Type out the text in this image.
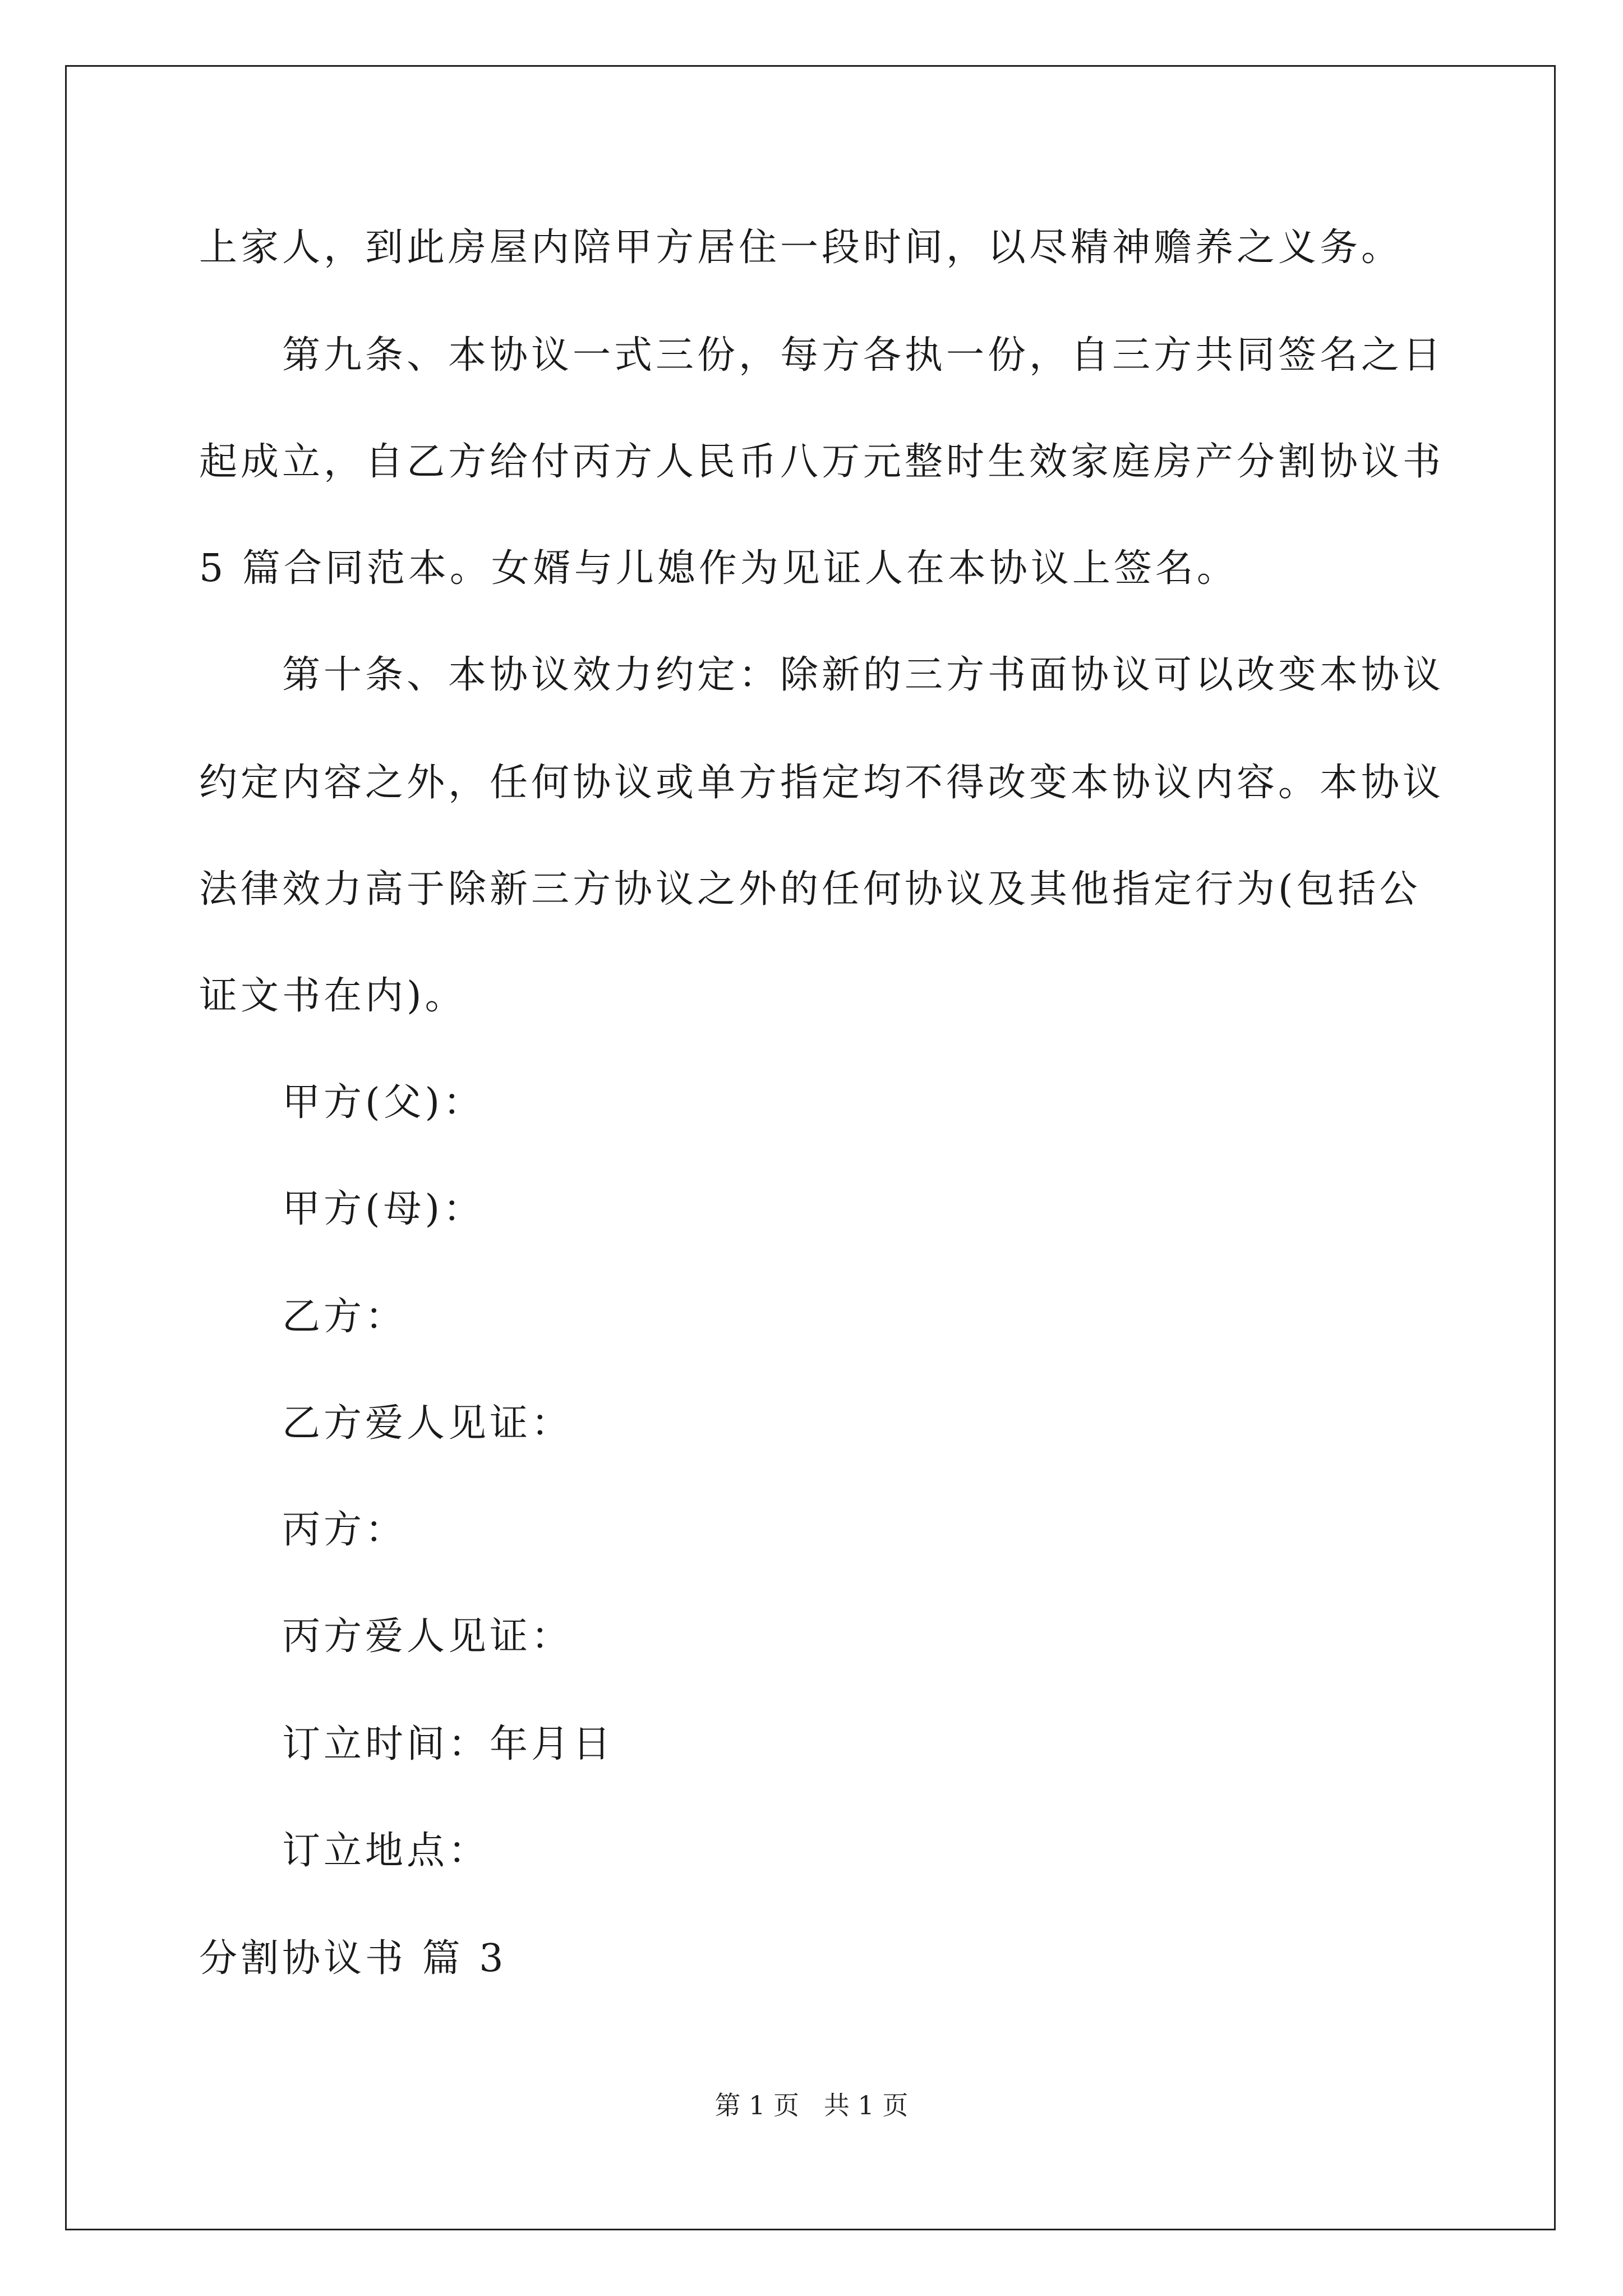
上家人，到此房屋内陪甲方居住一段时间，以尽精神赡养之义务。
第九条、本协议一式三份，每方各执一份，自三方共同签名之日
起成立，自乙方给付丙方人民币八万元整时生效家庭房产分割协议书
5 篇合同范本。女婿与儿媳作为见证人在本协议上签名。
第十条、本协议效力约定：除新的三方书面协议可以改变本协议
约定内容之外，任何协议或单方指定均不得改变本协议内容。本协议
法律效力高于除新三方协议之外的任何协议及其他指定行为(包括公
证文书在内)。
甲方(父)：
甲方(母)：
乙方：
乙方爱人见证：
丙方：
丙方爱人见证：
订立时间：年月日
订立地点：
分割协议书 篇 3
第 1 页   共 1 页
